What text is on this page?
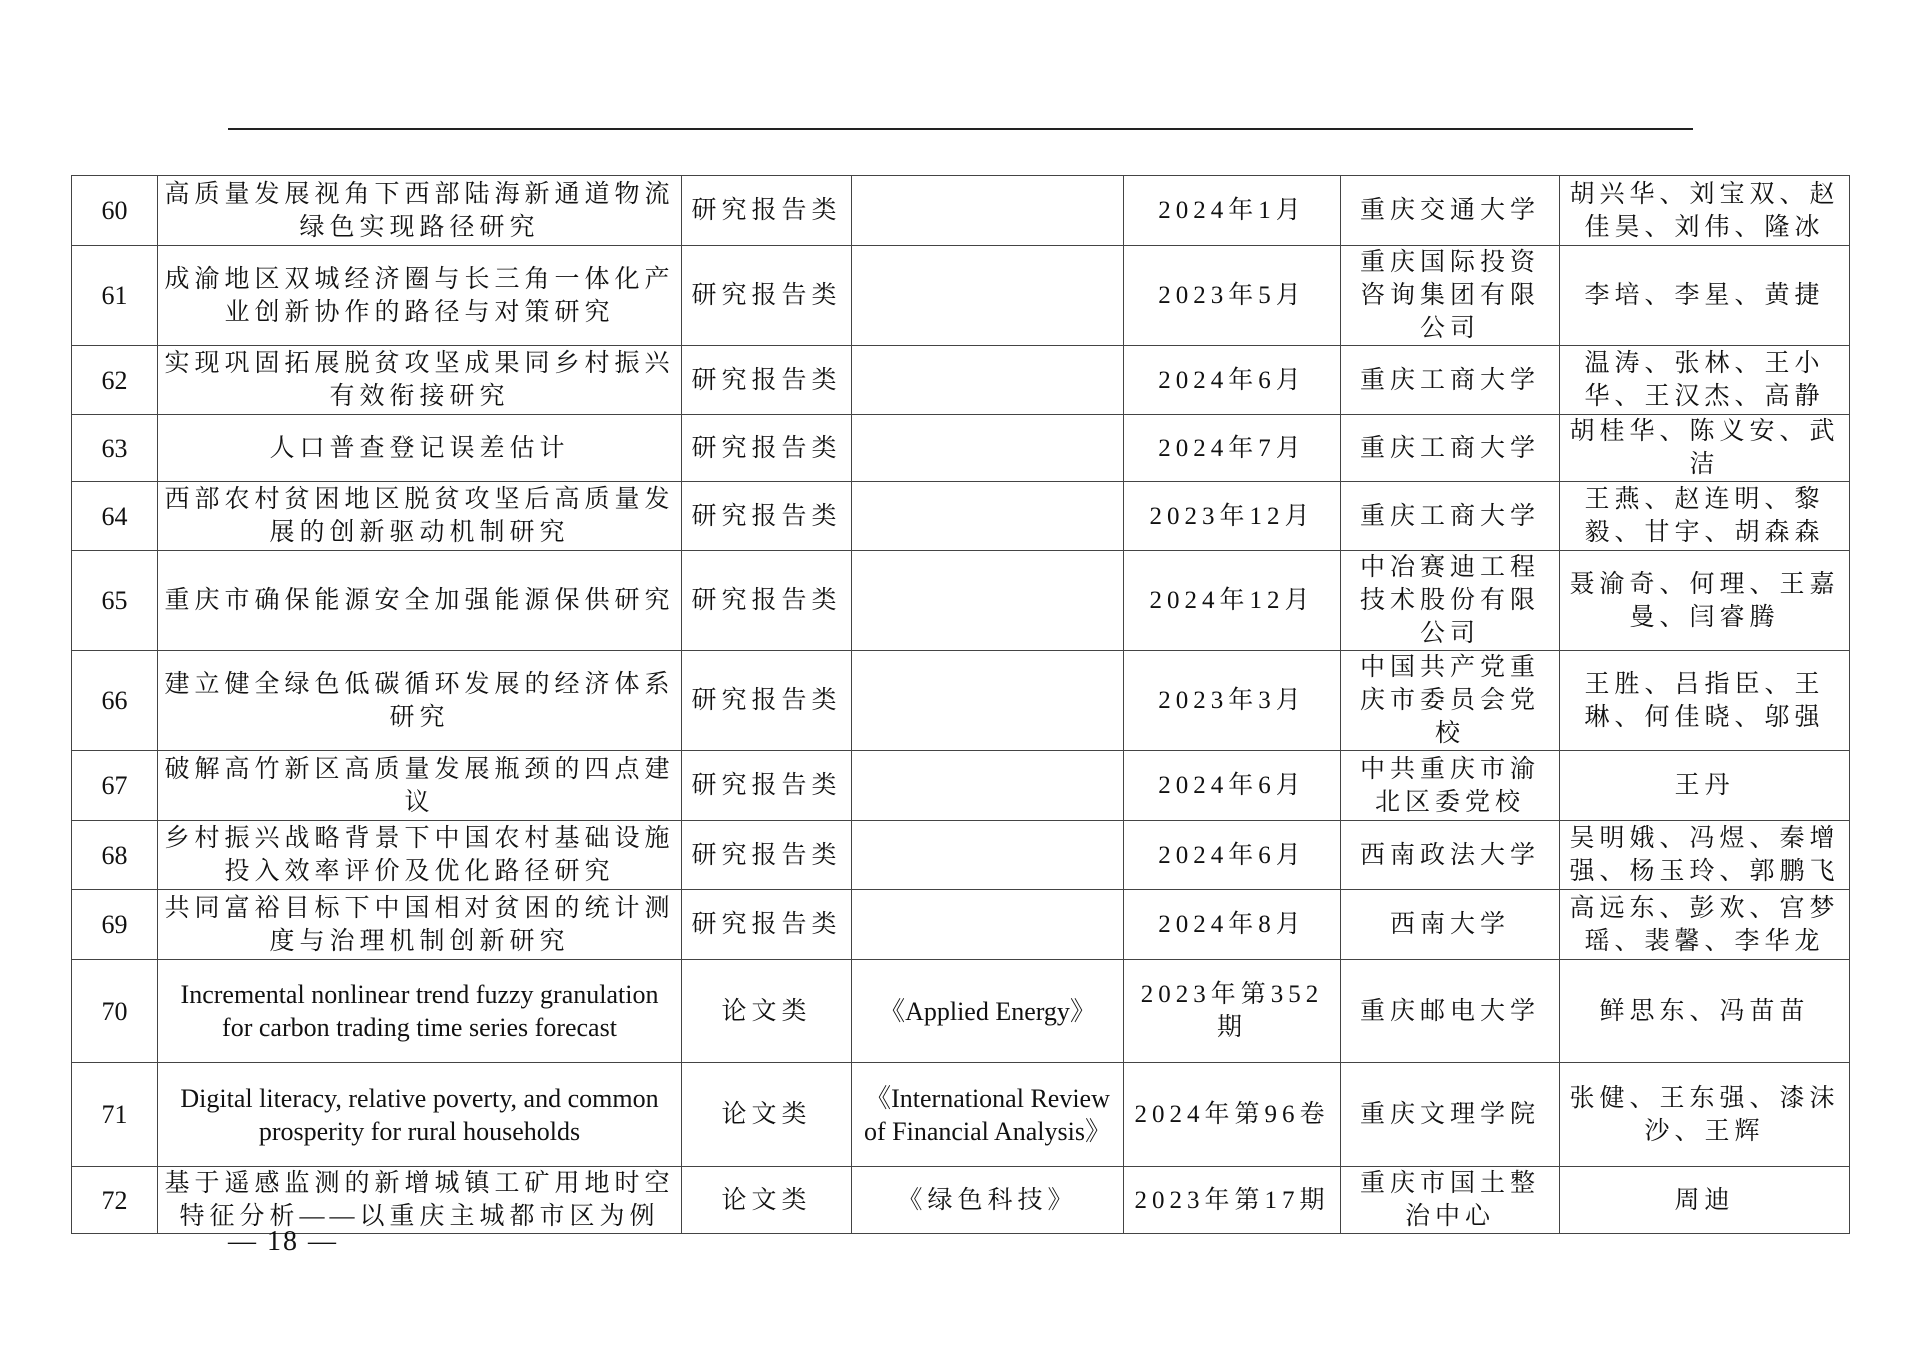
60	高质量发展视角下西部陆海新通道物流绿色实现路径研究	研究报告类		2024年1月	重庆交通大学	胡兴华、刘宝双、赵佳昊、刘伟、隆冰
61	成渝地区双城经济圈与长三角一体化产业创新协作的路径与对策研究	研究报告类		2023年5月	重庆国际投资咨询集团有限公司	李培、李星、黄捷
62	实现巩固拓展脱贫攻坚成果同乡村振兴有效衔接研究	研究报告类		2024年6月	重庆工商大学	温涛、张林、王小华、王汉杰、高静
63	人口普查登记误差估计	研究报告类		2024年7月	重庆工商大学	胡桂华、陈义安、武洁
64	西部农村贫困地区脱贫攻坚后高质量发展的创新驱动机制研究	研究报告类		2023年12月	重庆工商大学	王燕、赵连明、黎毅、甘宇、胡森森
65	重庆市确保能源安全加强能源保供研究	研究报告类		2024年12月	中冶赛迪工程技术股份有限公司	聂渝奇、何理、王嘉曼、闫睿腾
66	建立健全绿色低碳循环发展的经济体系研究	研究报告类		2023年3月	中国共产党重庆市委员会党校	王胜、吕指臣、王琳、何佳晓、邬强
67	破解高竹新区高质量发展瓶颈的四点建议	研究报告类		2024年6月	中共重庆市渝北区委党校	王丹
68	乡村振兴战略背景下中国农村基础设施投入效率评价及优化路径研究	研究报告类		2024年6月	西南政法大学	吴明娥、冯煜、秦增强、杨玉玲、郭鹏飞
69	共同富裕目标下中国相对贫困的统计测度与治理机制创新研究	研究报告类		2024年8月	西南大学	高远东、彭欢、宫梦瑶、裴馨、李华龙
70	Incremental nonlinear trend fuzzy granulation for carbon trading time series forecast	论文类	《Applied Energy》	2023年第352期	重庆邮电大学	鲜思东、冯苗苗
71	Digital literacy, relative poverty, and common prosperity for rural households	论文类	《International Review of Financial Analysis》	2024年第96卷	重庆文理学院	张健、王东强、漆沫沙、王辉
72	基于遥感监测的新增城镇工矿用地时空特征分析——以重庆主城都市区为例	论文类	《绿色科技》	2023年第17期	重庆市国土整治中心	周迪
— 18 —
